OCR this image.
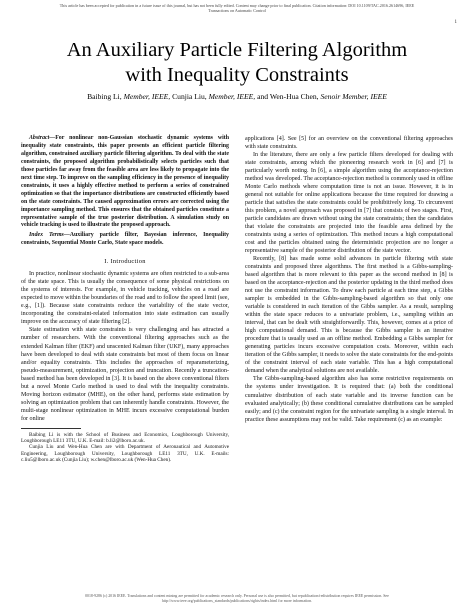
This article has been accepted for publication in a future issue of this journal, but has not been fully edited. Content may change prior to final publication. Citation information: DOI 10.1109/TAC.2016.2614696, IEEE
Transactions on Automatic Control
1
An Auxiliary Particle Filtering Algorithm
with Inequality Constraints
Baibing Li, Member, IEEE, Cunjia Liu, Member, IEEE, and Wen-Hua Chen, Senoir Member, IEEE

Abstract—For nonlinear non-Gaussian stochastic dynamic systems with inequality state constraints, this paper presents an efficient particle filtering algorithm, constrained auxiliary particle filtering algorithm. To deal with the state constraints, the proposed algorithm probabilistically selects particles such that those particles far away from the feasible area are less likely to propagate into the next time step. To improve on the sampling efficiency in the presence of inequality constraints, it uses a highly effective method to perform a series of constrained optimization so that the importance distributions are constructed efficiently based on the state constraints. The caused approximation errors are corrected using the importance sampling method. This ensures that the obtained particles constitute a representative sample of the true posterior distribution. A simulation study on vehicle tracking is used to illustrate the proposed approach.

Index Terms—Auxiliary particle filter, Bayesian inference, Inequality constraints, Sequential Monte Carlo, State space models.

I. Introduction

In practice, nonlinear stochastic dynamic systems are often restricted to a sub-area of the state space. This is usually the consequence of some physical restrictions on the systems of interests. For example, in vehicle tracking, vehicles on a road are expected to move within the boundaries of the road and to follow the speed limit (see, e.g., [1]). Because state constraints reduce the variability of the state vector, incorporating the constraint-related information into state estimation can usually improve on the accuracy of state filtering [2].

State estimation with state constraints is very challenging and has attracted a number of researchers. With the conventional filtering approaches such as the extended Kalman filter (EKF) and unscented Kalman filter (UKF), many approaches have been developed to deal with state constraints but most of them focus on linear and/or equality constraints. This includes the approaches of reparameterizing, pseudo-measurement, optimization, projection and truncation. Recently a truncation-based method has been developed in [3]. It is based on the above conventional filters but a novel Monte Carlo method is used to deal with the inequality constraints. Moving horizon estimator (MHE), on the other hand, performs state estimation by solving an optimization problem that can inherently handle constraints. However, the multi-stage nonlinear optimization in MHE incurs excessive computational burden for online

Baibing Li is with the School of Business and Economics, Loughborough University, Loughborough LE11 3TU, U.K. E-mail: b.li2@lboro.ac.uk.

Cunjia Liu and Wen-Hua Chen are with Department of Aeronautical and Automotive Engineering, Loughborough University, Loughborough LE11 3TU, U.K. E-mails: c.liu5@lboro.ac.uk (Cunjia Liu); w.chen@lboro.ac.uk (Wen-Hua Chen).

applications [4]. See [5] for an overview on the conventional filtering approaches with state constraints.

In the literature, there are only a few particle filters developed for dealing with state constraints, among which the pioneering research work in [6] and [7] is particularly worth noting. In [6], a simple algorithm using the acceptance-rejection method was developed. The acceptance-rejection method is commonly used in offline Monte Carlo methods where computation time is not an issue. However, it is in general not suitable for online applications because the time required for drawing a particle that satisfies the state constraints could be prohibitively long. To circumvent this problem, a novel approach was proposed in [7] that consists of two stages. First, particle candidates are drawn without using the state constraints; then the candidates that violate the constraints are projected into the feasible area defined by the constraints using a series of optimization. This method incurs a high computational cost and the particles obtained using the deterministic projection are no longer a representative sample of the posterior distribution of the state vector.

Recently, [8] has made some solid advances in particle filtering with state constraints and proposed three algorithms. The first method is a Gibbs-sampling-based algorithm that is more relevant to this paper as the second method in [8] is based on the acceptance-rejection and the posterior updating in the third method does not use the constraint information. To draw each particle at each time step, a Gibbs sampler is embedded in the Gibbs-sampling-based algorithm so that only one variable is considered in each iteration of the Gibbs sampler. As a result, sampling within the state space reduces to a univariate problem, i.e., sampling within an interval, that can be dealt with straightforwardly. This, however, comes at a price of high computational demand. This is because the Gibbs sampler is an iterative procedure that is usually used as an offline method. Embedding a Gibbs sampler for generating particles incurs excessive computation costs. Moreover, within each iteration of the Gibbs sampler, it needs to solve the state constraints for the end-points of the constraint interval of each state variable. This has a high computational demand when the analytical solutions are not available.

The Gibbs-sampling-based algorithm also has some restrictive requirements on the systems under investigation. It is required that: (a) both the conditional cumulative distribution of each state variable and its inverse function can be evaluated analytically; (b) these conditional cumulative distributions can be sampled easily; and (c) the constraint region for the univariate sampling is a single interval. In practice these assumptions may not be valid. Take requirement (c) as an example:

0018-9286 (c) 2016 IEEE. Translations and content mining are permitted for academic research only. Personal use is also permitted, but republication/redistribution requires IEEE permission. See
http://www.ieee.org/publications_standards/publications/rights/index.html for more information.
